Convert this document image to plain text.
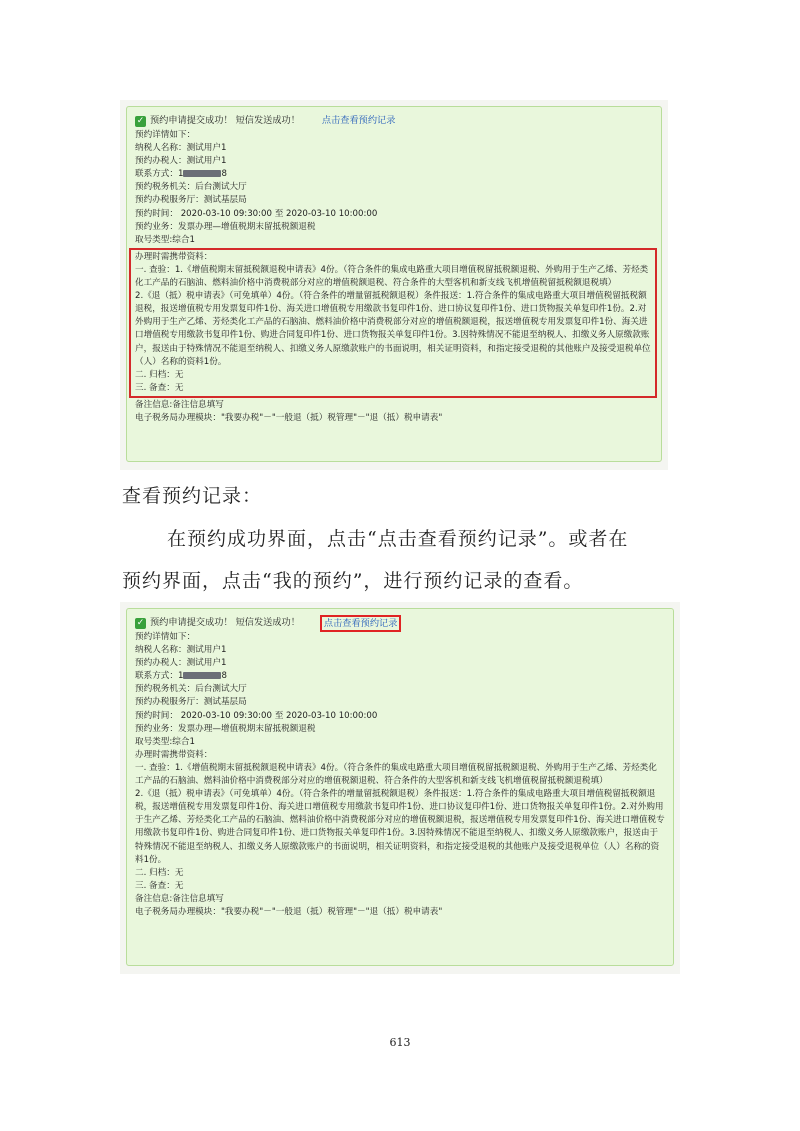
✓ 预约申请提交成功！ 短信发送成功！ 点击查看预约记录
预约详情如下：
纳税人名称：测试用户1
预约办税人：测试用户1
联系方式：1	8
预约税务机关：后台测试大厅
预约办税服务厅：测试基层局
预约时间： 2020-03-10 09:30:00 至 2020-03-10 10:00:00
预约业务：发票办理—增值税期末留抵税额退税
取号类型:综合1
办理时需携带资料：
一. 查验：1.《增值税期末留抵税额退税申请表》4份。（符合条件的集成电路重大项目增值税留抵税额退税、外购用于生产乙烯、芳烃类化工产品的石脑油、燃料油价格中消费税部分对应的增值税额退税、符合条件的大型客机和新支线飞机增值税留抵税额退税填）
2.《退（抵）税申请表》（可免填单）4份。（符合条件的增量留抵税额退税）条件报送：1.符合条件的集成电路重大项目增值税留抵税额退税，报送增值税专用发票复印件1份、海关进口增值税专用缴款书复印件1份、进口协议复印件1份、进口货物报关单复印件1份。2.对外购用于生产乙烯、芳烃类化工产品的石脑油、燃料油价格中消费税部分对应的增值税额退税，报送增值税专用发票复印件1份、海关进口增值税专用缴款书复印件1份、购进合同复印件1份、进口货物报关单复印件1份。3.因特殊情况不能退至纳税人、扣缴义务人原缴款账户，报送由于特殊情况不能退至纳税人、扣缴义务人原缴款账户的书面说明，相关证明资料，和指定接受退税的其他账户及接受退税单位（人）名称的资料1份。
二. 归档：无
三. 备查：无
备注信息:备注信息填写
电子税务局办理模块："我要办税"－"一般退（抵）税管理"－"退（抵）税申请表"
查看预约记录：

在预约成功界面，点击“点击查看预约记录”。或者在

预约界面，点击“我的预约”，进行预约记录的查看。

✓ 预约申请提交成功！ 短信发送成功！	点击查看预约记录
预约详情如下：
纳税人名称：测试用户1
预约办税人：测试用户1
联系方式：1	8
预约税务机关：后台测试大厅
预约办税服务厅：测试基层局
预约时间： 2020-03-10 09:30:00 至 2020-03-10 10:00:00
预约业务：发票办理—增值税期末留抵税额退税
取号类型:综合1
办理时需携带资料：
一. 查验：1.《增值税期末留抵税额退税申请表》4份。（符合条件的集成电路重大项目增值税留抵税额退税、外购用于生产乙烯、芳烃类化工产品的石脑油、燃料油价格中消费税部分对应的增值税额退税、符合条件的大型客机和新支线飞机增值税留抵税额退税填）
2.《退（抵）税申请表》（可免填单）4份。（符合条件的增量留抵税额退税）条件报送：1.符合条件的集成电路重大项目增值税留抵税额退税，报送增值税专用发票复印件1份、海关进口增值税专用缴款书复印件1份、进口协议复印件1份、进口货物报关单复印件1份。2.对外购用于生产乙烯、芳烃类化工产品的石脑油、燃料油价格中消费税部分对应的增值税额退税，报送增值税专用发票复印件1份、海关进口增值税专用缴款书复印件1份、购进合同复印件1份、进口货物报关单复印件1份。3.因特殊情况不能退至纳税人、扣缴义务人原缴款账户，报送由于特殊情况不能退至纳税人、扣缴义务人原缴款账户的书面说明，相关证明资料，和指定接受退税的其他账户及接受退税单位（人）名称的资料1份。
二. 归档：无
三. 备查：无
备注信息:备注信息填写
电子税务局办理模块："我要办税"－"一般退（抵）税管理"－"退（抵）税申请表"
613
